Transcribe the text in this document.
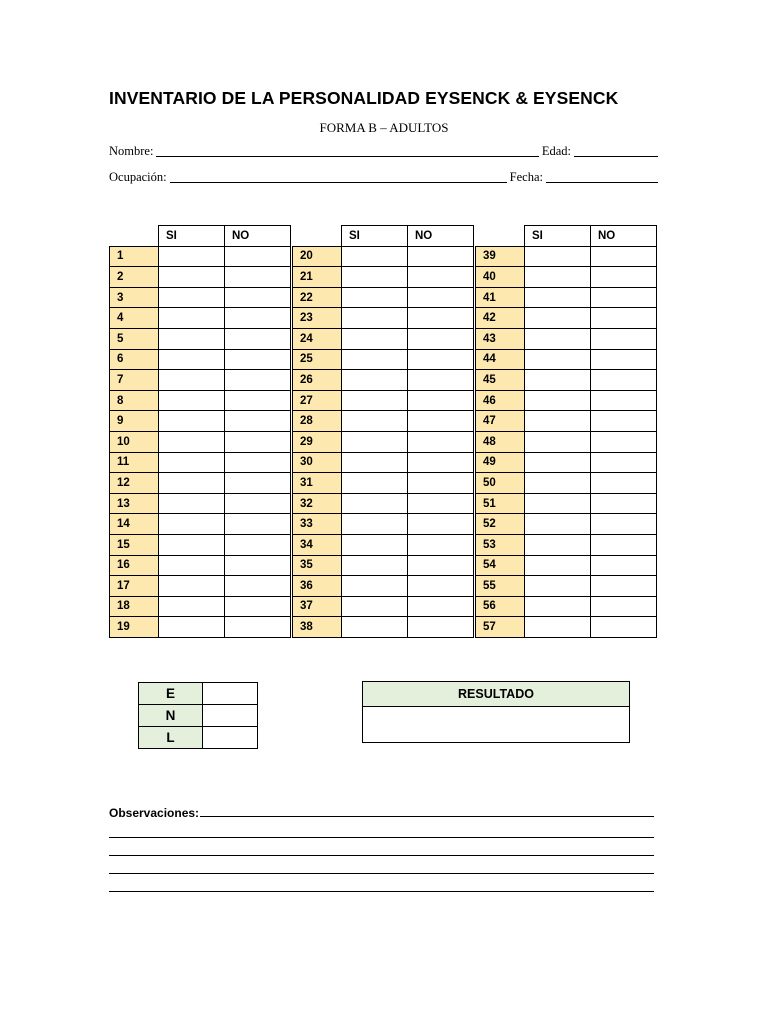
INVENTARIO DE LA PERSONALIDAD EYSENCK & EYSENCK
FORMA B – ADULTOS
Nombre:	Edad:
Ocupación:	Fecha:
	SI	NO
1		
2		
3		
4		
5		
6		
7		
8		
9		
10		
11		
12		
13		
14		
15		
16		
17		
18		
19		
	SI	NO
20		
21		
22		
23		
24		
25		
26		
27		
28		
29		
30		
31		
32		
33		
34		
35		
36		
37		
38		
	SI	NO
39		
40		
41		
42		
43		
44		
45		
46		
47		
48		
49		
50		
51		
52		
53		
54		
55		
56		
57		
E	
N	
L	
RESULTADO

Observaciones:
